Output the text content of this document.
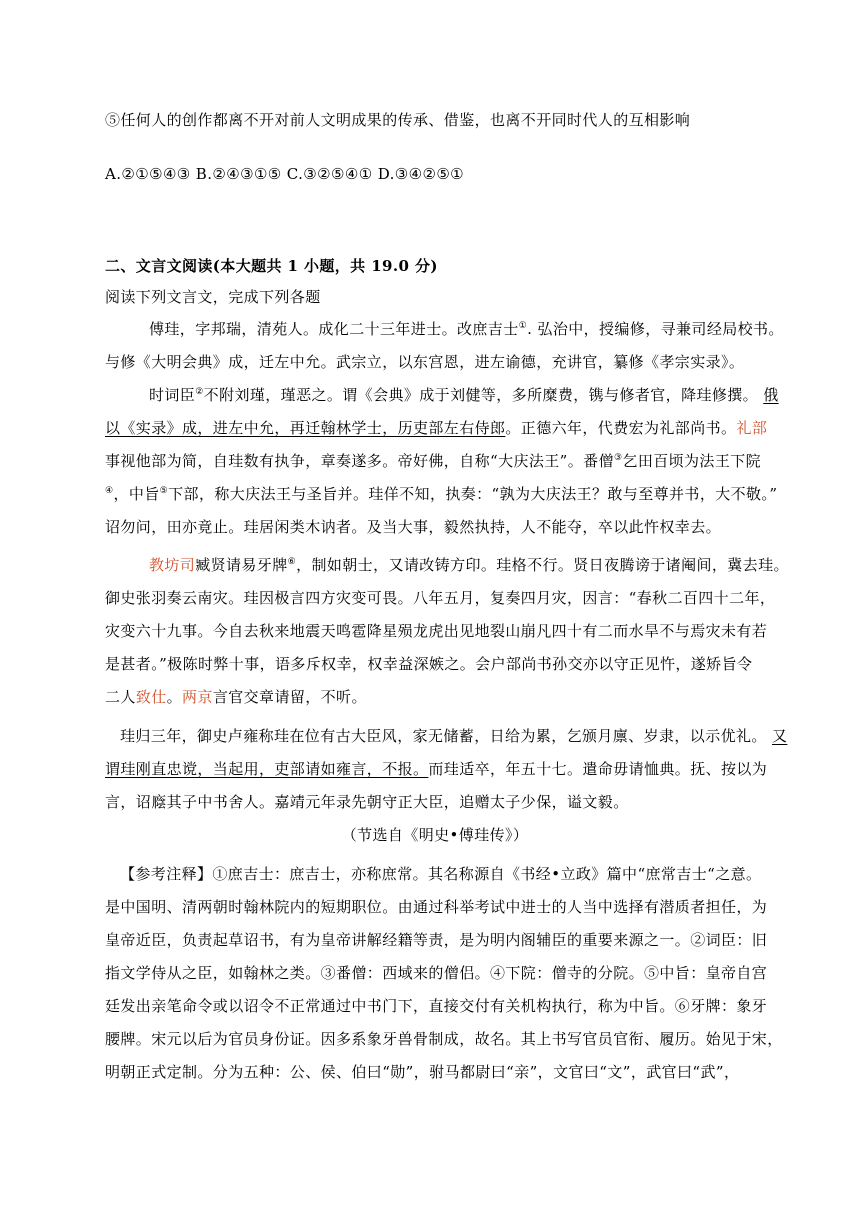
⑤任何人的创作都离不开对前人文明成果的传承、借鉴，也离不开同时代人的互相影响
A.②①⑤④③ B.②④③①⑤ C.③②⑤④① D.③④②⑤①
二、文言文阅读(本大题共 1 小题，共 19.0 分)
阅读下列文言文，完成下列各题
傅珪，字邦瑞，清苑人。成化二十三年进士。改庶吉士①. 弘治中，授编修，寻兼司经局校书。
与修《大明会典》成，迁左中允。武宗立，以东宫恩，进左谕德，充讲官，纂修《孝宗实录》。
时词臣②不附刘瑾，瑾恶之。谓《会典》成于刘健等，多所糜费，镌与修者官，降珪修撰。 俄
以《实录》成，进左中允，再迁翰林学士，历吏部左右侍郎。正德六年，代费宏为礼部尚书。礼部
事视他部为简，自珪数有执争，章奏遂多。帝好佛，自称“大庆法王”。番僧③乞田百顷为法王下院
④，中旨⑤下部，称大庆法王与圣旨并。珪佯不知，执奏：“孰为大庆法王？敢与至尊并书，大不敬。”
诏勿问，田亦竟止。珪居闲类木讷者。及当大事，毅然执持，人不能夺，卒以此忤权幸去。
教坊司臧贤请易牙牌⑥，制如朝士，又请改铸方印。珪格不行。贤日夜腾谤于诸阉间，冀去珪。
御史张羽奏云南灾。珪因极言四方灾变可畏。八年五月，复奏四月灾，因言：“春秋二百四十二年，
灾变六十九事。今自去秋来地震天鸣雹降星殒龙虎出见地裂山崩凡四十有二而水旱不与焉灾未有若
是甚者。”极陈时弊十事，语多斥权幸，权幸益深嫉之。会户部尚书孙交亦以守正见忤，遂矫旨令
二人致仕。两京言官交章请留，不听。
珪归三年，御史卢雍称珪在位有古大臣风，家无储蓄，日给为累，乞颁月廪、岁隶，以示优礼。 又
谓珪刚直忠谠，当起用，吏部请如雍言，不报。而珪适卒，年五十七。遣命毋请恤典。抚、按以为
言，诏廕其子中书舍人。嘉靖元年录先朝守正大臣，追赠太子少保，谥文毅。
（节选自《明史•傅珪传》）
【参考注释】①庶吉士：庶吉士，亦称庶常。其名称源自《书经•立政》篇中“庶常吉士“之意。
是中国明、清两朝时翰林院内的短期职位。由通过科举考试中进士的人当中选择有潜质者担任，为
皇帝近臣，负责起草诏书，有为皇帝讲解经籍等责，是为明内阁辅臣的重要来源之一。②词臣：旧
指文学侍从之臣，如翰林之类。③番僧：西域来的僧侣。④下院：僧寺的分院。⑤中旨：皇帝自宫
廷发出亲笔命令或以诏令不正常通过中书门下，直接交付有关机构执行，称为中旨。⑥牙牌：象牙
腰牌。宋元以后为官员身份证。因多系象牙兽骨制成，故名。其上书写官员官衔、履历。始见于宋，
明朝正式定制。分为五种：公、侯、伯曰“勋”，驸马都尉曰“亲”，文官曰“文”，武官曰“武”，
